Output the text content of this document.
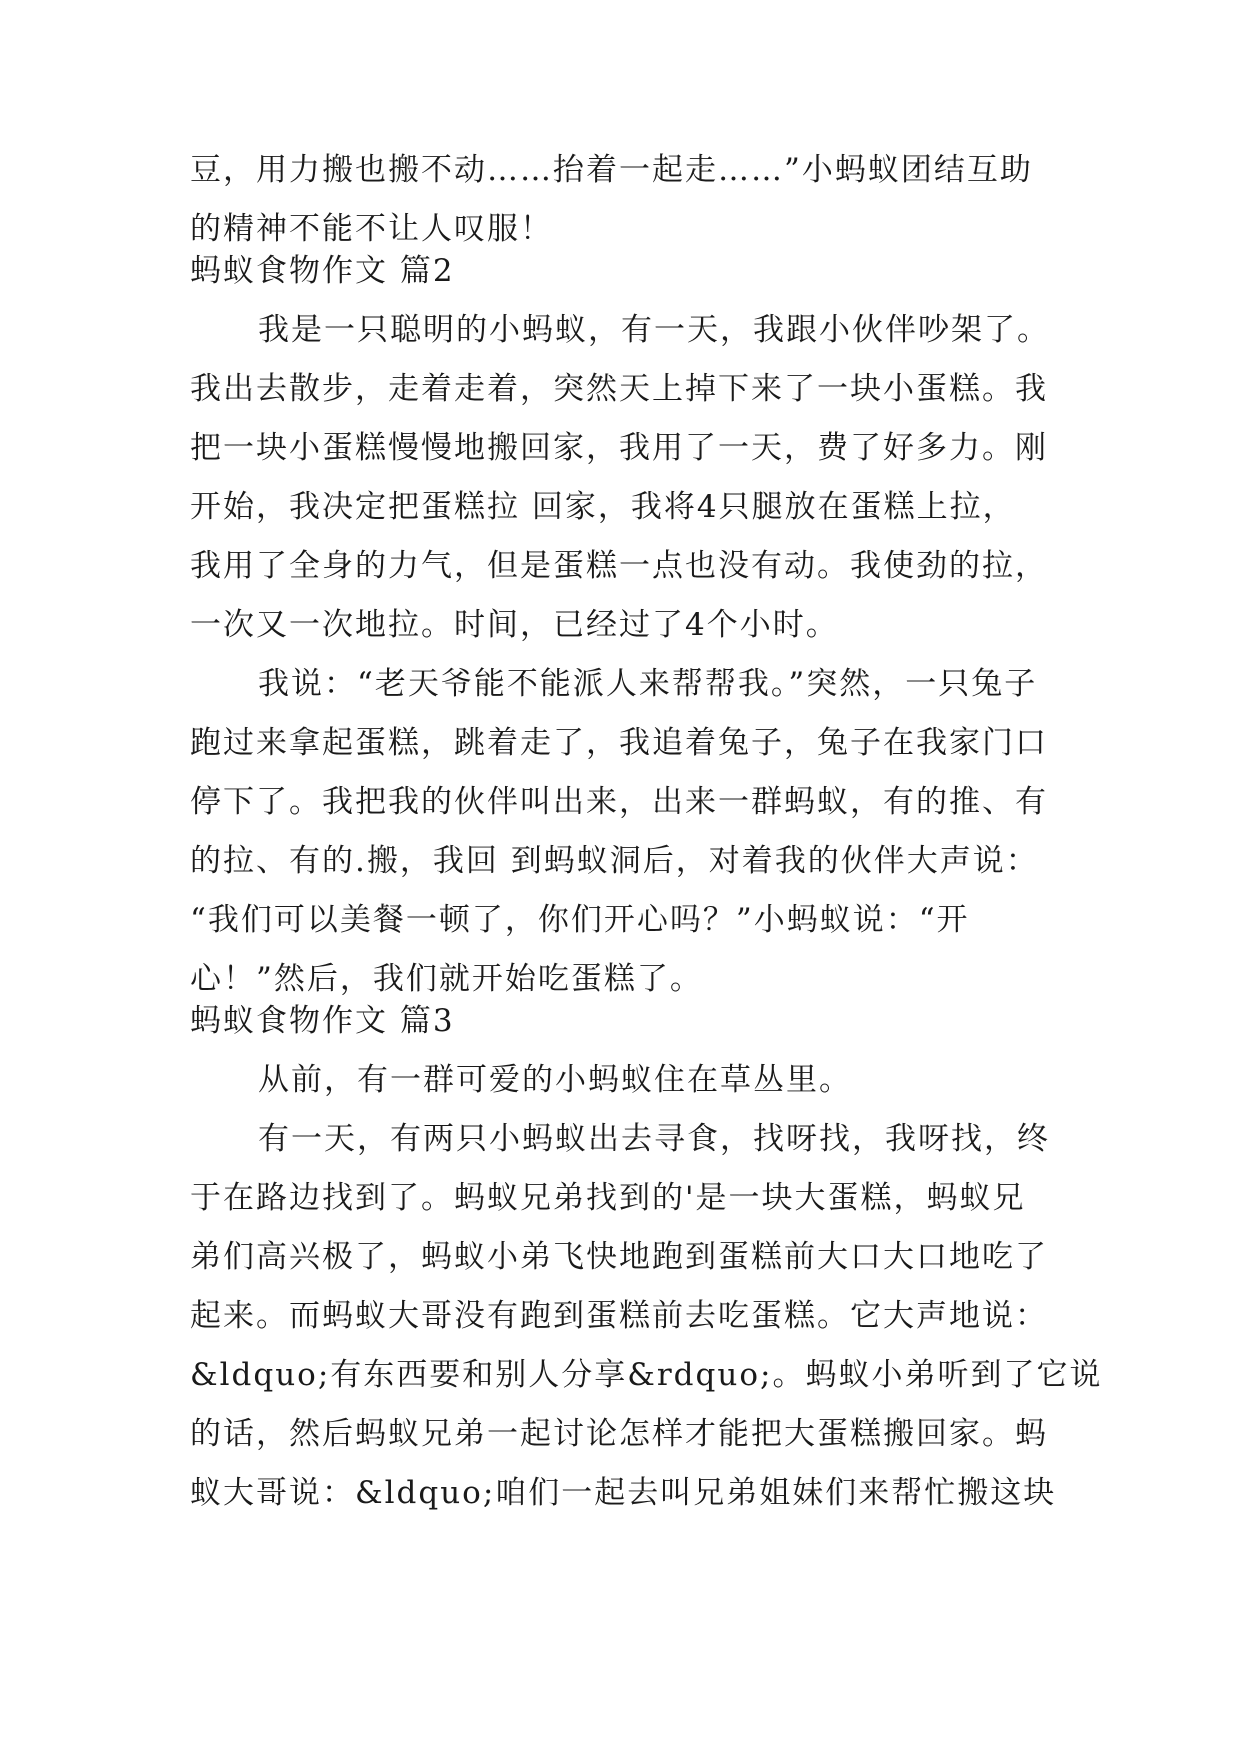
豆，用力搬也搬不动……抬着一起走……”小蚂蚁团结互助
的精神不能不让人叹服！
蚂蚁食物作文 篇2
我是一只聪明的小蚂蚁，有一天，我跟小伙伴吵架了。
我出去散步，走着走着，突然天上掉下来了一块小蛋糕。我
把一块小蛋糕慢慢地搬回家，我用了一天，费了好多力。刚
开始，我决定把蛋糕拉 回家，我将4只腿放在蛋糕上拉，
我用了全身的力气，但是蛋糕一点也没有动。我使劲的拉，
一次又一次地拉。时间，已经过了4个小时。
我说：“老天爷能不能派人来帮帮我。”突然，一只兔子
跑过来拿起蛋糕，跳着走了，我追着兔子，兔子在我家门口
停下了。我把我的伙伴叫出来，出来一群蚂蚁，有的推、有
的拉、有的.搬，我回 到蚂蚁洞后，对着我的伙伴大声说：
“我们可以美餐一顿了，你们开心吗？”小蚂蚁说：“开
心！”然后，我们就开始吃蛋糕了。
蚂蚁食物作文 篇3
从前，有一群可爱的小蚂蚁住在草丛里。
有一天，有两只小蚂蚁出去寻食，找呀找，我呀找，终
于在路边找到了。蚂蚁兄弟找到的'是一块大蛋糕，蚂蚁兄
弟们高兴极了，蚂蚁小弟飞快地跑到蛋糕前大口大口地吃了
起来。而蚂蚁大哥没有跑到蛋糕前去吃蛋糕。它大声地说：
&ldquo;有东西要和别人分享&rdquo;。蚂蚁小弟听到了它说
的话，然后蚂蚁兄弟一起讨论怎样才能把大蛋糕搬回家。蚂
蚁大哥说：&ldquo;咱们一起去叫兄弟姐妹们来帮忙搬这块
